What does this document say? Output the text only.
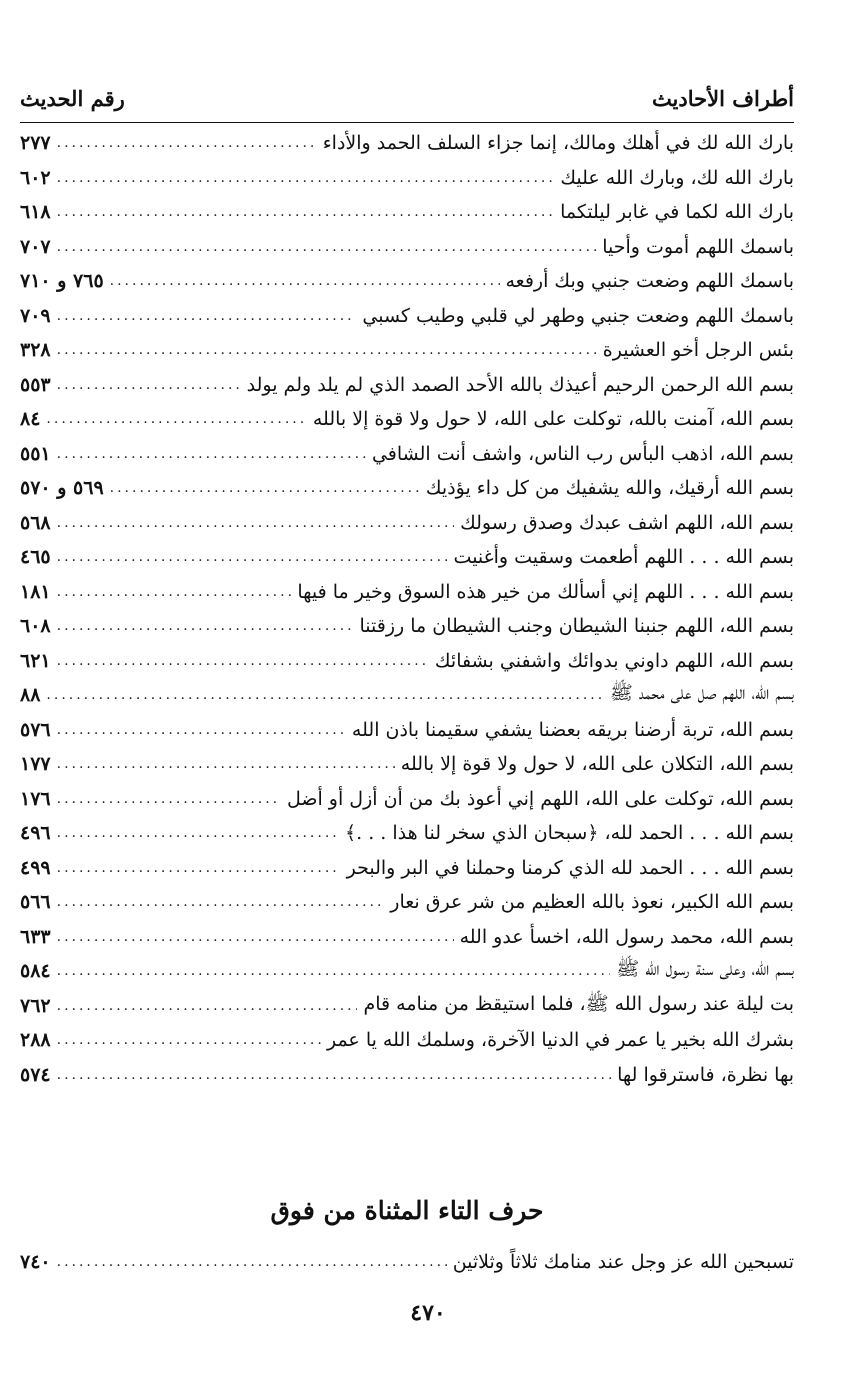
أطراف الأحاديث
رقم الحديث
بارك الله لك في أهلك ومالك، إنما جزاء السلف الحمد والأداء
.....
٢٧٧
بارك الله لك، وبارك الله عليك
.....
٦٠٢
بارك الله لكما في غابر ليلتكما
.....
٦١٨
باسمك اللهم أموت وأحيا
.....
٧٠٧
باسمك اللهم وضعت جنبي وبك أرفعه
.....
٧٦٥ و ٧١٠
باسمك اللهم وضعت جنبي وطهر لي قلبي وطيب كسبي
.....
٧٠٩
بئس الرجل أخو العشيرة
.....
٣٢٨
بسم الله الرحمن الرحيم أعيذك بالله الأحد الصمد الذي لم يلد ولم يولد
.....
٥٥٣
بسم الله، آمنت بالله، توكلت على الله، لا حول ولا قوة إلا بالله
.....
٨٤
بسم الله، اذهب البأس رب الناس، واشف أنت الشافي
.....
٥٥١
بسم الله أرقيك، والله يشفيك من كل داء يؤذيك
.....
٥٦٩ و ٥٧٠
بسم الله، اللهم اشف عبدك وصدق رسولك
.....
٥٦٨
بسم الله . . . اللهم أطعمت وسقيت وأغنيت
.....
٤٦٥
بسم الله . . . اللهم إني أسألك من خير هذه السوق وخير ما فيها
.....
١٨١
بسم الله، اللهم جنبنا الشيطان وجنب الشيطان ما رزقتنا
.....
٦٠٨
بسم الله، اللهم داوني بدوائك واشفني بشفائك
.....
٦٢١
بسم الله، اللهم صل على محمد ﷺ
.....
٨٨
بسم الله، تربة أرضنا بريقه بعضنا يشفي سقيمنا باذن الله
.....
٥٧٦
بسم الله، التكلان على الله، لا حول ولا قوة إلا بالله
.....
١٧٧
بسم الله، توكلت على الله، اللهم إني أعوذ بك من أن أزل أو أضل
.....
١٧٦
بسم الله . . . الحمد لله، ﴿سبحان الذي سخر لنا هذا . . .﴾
.....
٤٩٦
بسم الله . . . الحمد لله الذي كرمنا وحملنا في البر والبحر
.....
٤٩٩
بسم الله الكبير، نعوذ بالله العظيم من شر عرق نعار
.....
٥٦٦
بسم الله، محمد رسول الله، اخسأ عدو الله
.....
٦٣٣
بسم الله، وعلى سنة رسول الله ﷺ
.....
٥٨٤
بت ليلة عند رسول الله ﷺ، فلما استيقظ من منامه قام
.....
٧٦٢
بشرك الله بخير يا عمر في الدنيا الآخرة، وسلمك الله يا عمر
.....
٢٨٨
بها نظرة، فاسترقوا لها
.....
٥٧٤
حرف التاء المثناة من فوق
تسبحين الله عز وجل عند منامك ثلاثاً وثلاثين
.....
٧٤٠
٤٧٠
